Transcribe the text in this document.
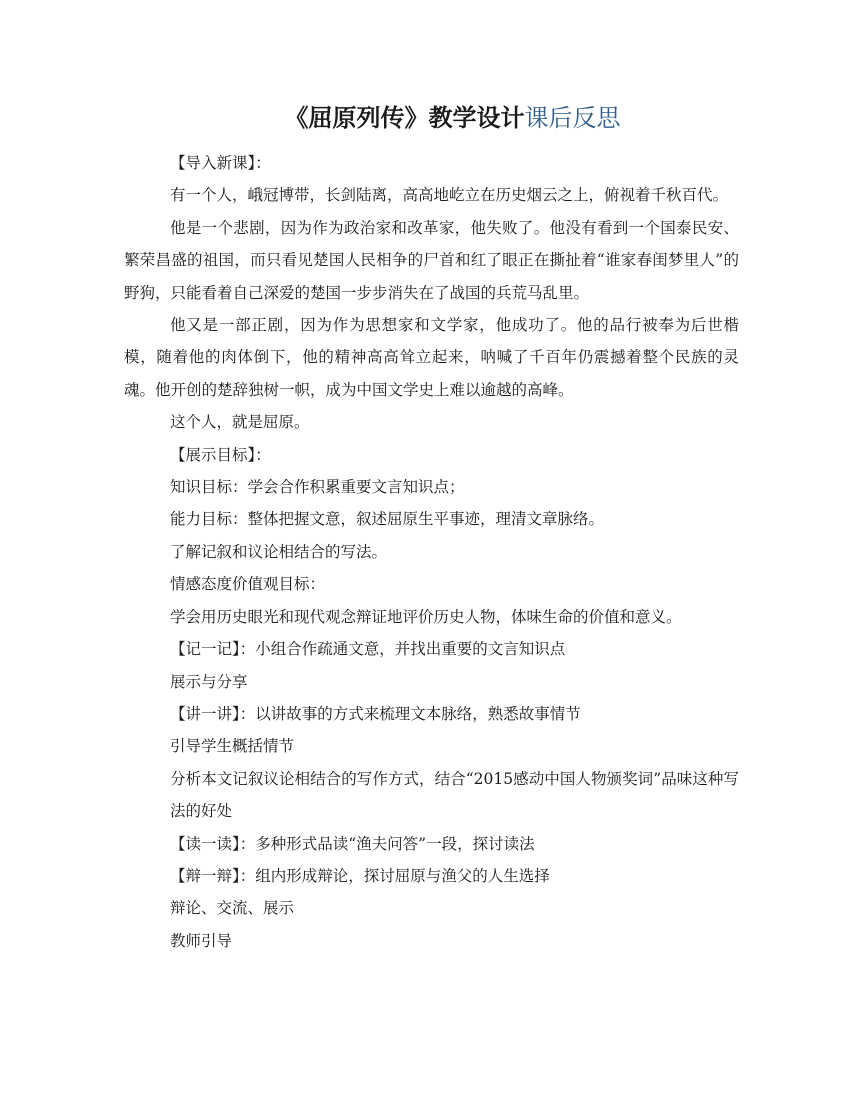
《屈原列传》教学设计课后反思

【导入新课】：

有一个人，峨冠博带，长剑陆离，高高地屹立在历史烟云之上，俯视着千秋百代。

他是一个悲剧，因为作为政治家和改革家，他失败了。他没有看到一个国泰民安、繁荣昌盛的祖国，而只看见楚国人民相争的尸首和红了眼正在撕扯着“谁家春闺梦里人”的野狗，只能看着自己深爱的楚国一步步消失在了战国的兵荒马乱里。

他又是一部正剧，因为作为思想家和文学家，他成功了。他的品行被奉为后世楷模，随着他的肉体倒下，他的精神高高耸立起来，呐喊了千百年仍震撼着整个民族的灵魂。他开创的楚辞独树一帜，成为中国文学史上难以逾越的高峰。

这个人，就是屈原。

【展示目标】：

知识目标：学会合作积累重要文言知识点；

能力目标：整体把握文意，叙述屈原生平事迹，理清文章脉络。

了解记叙和议论相结合的写法。

情感态度价值观目标：

学会用历史眼光和现代观念辩证地评价历史人物，体味生命的价值和意义。

【记一记】：小组合作疏通文意，并找出重要的文言知识点

展示与分享

【讲一讲】：以讲故事的方式来梳理文本脉络，熟悉故事情节

引导学生概括情节

分析本文记叙议论相结合的写作方式，结合“2015感动中国人物颁奖词”品味这种写法的好处

【读一读】：多种形式品读“渔夫问答”一段，探讨读法

【辩一辩】：组内形成辩论，探讨屈原与渔父的人生选择

辩论、交流、展示

教师引导
